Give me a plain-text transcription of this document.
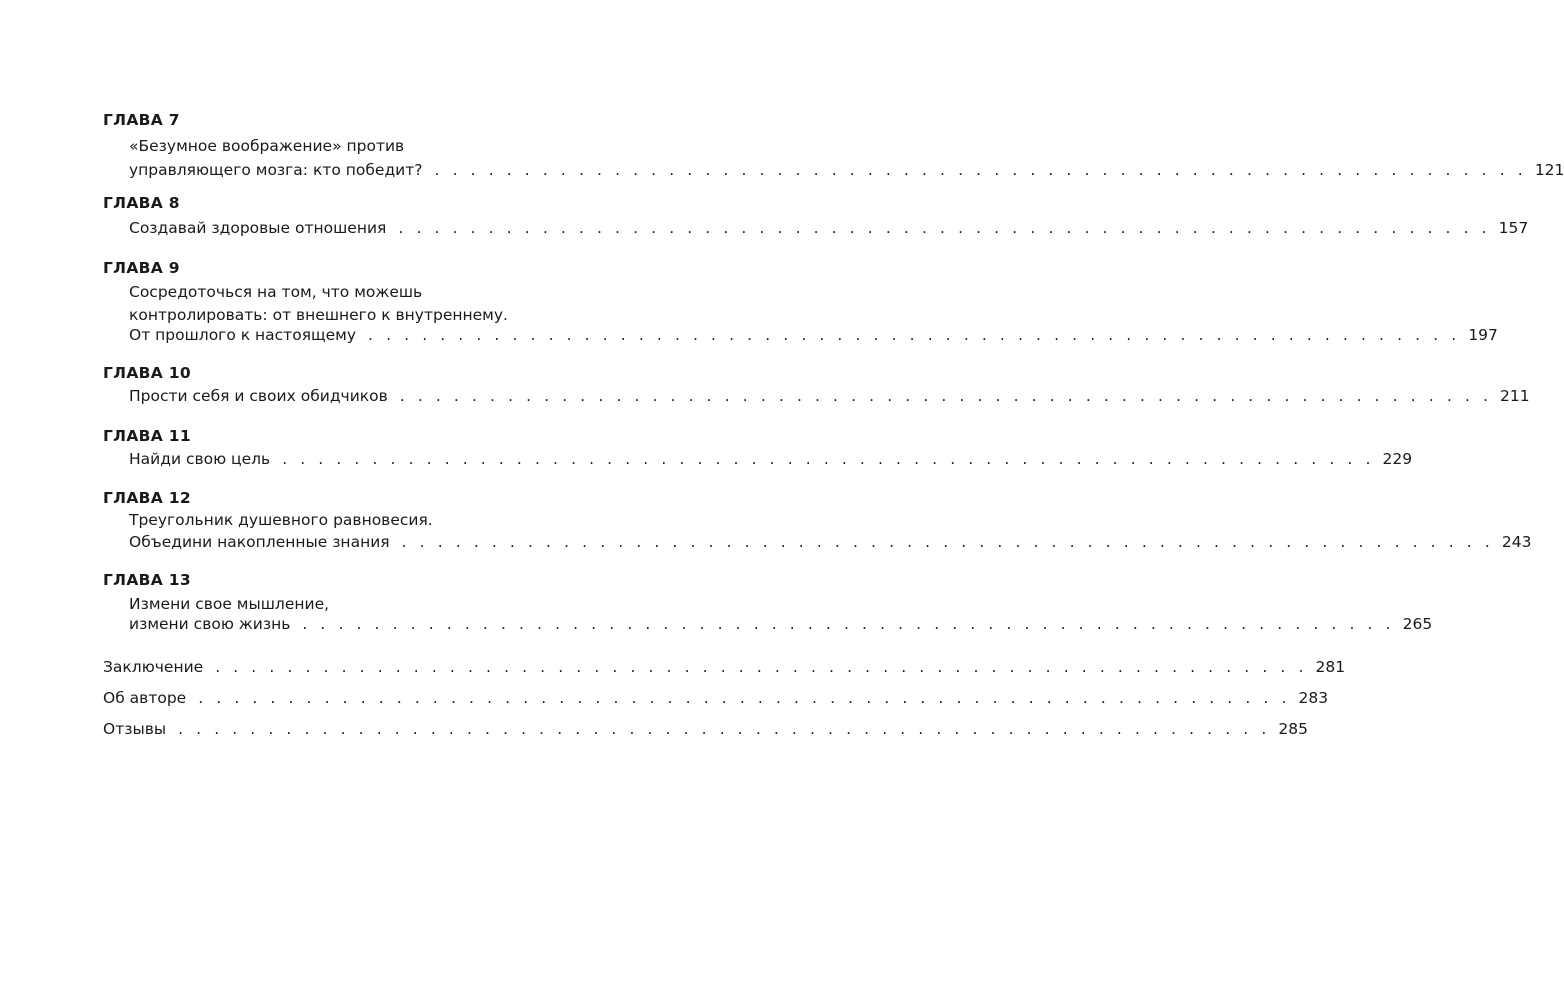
ГЛАВА 7
«Безумное воображение» против
управляющего мозга: кто победит? . . . . . . . . . . . . . . . . . . . . . . . . . . . . . . . . . . . . . . . . . . . . . . . . . . . . . . . . . . . . . 121
ГЛАВА 8
Создавай здоровые отношения . . . . . . . . . . . . . . . . . . . . . . . . . . . . . . . . . . . . . . . . . . . . . . . . . . . . . . . . . . . . . 157
ГЛАВА 9
Сосредоточься на том, что можешь
контролировать: от внешнего к внутреннему.
От прошлого к настоящему . . . . . . . . . . . . . . . . . . . . . . . . . . . . . . . . . . . . . . . . . . . . . . . . . . . . . . . . . . . . . 197
ГЛАВА 10
Прости себя и своих обидчиков . . . . . . . . . . . . . . . . . . . . . . . . . . . . . . . . . . . . . . . . . . . . . . . . . . . . . . . . . . . . . 211
ГЛАВА 11
Найди свою цель . . . . . . . . . . . . . . . . . . . . . . . . . . . . . . . . . . . . . . . . . . . . . . . . . . . . . . . . . . . . . 229
ГЛАВА 12
Треугольник душевного равновесия.
Объедини накопленные знания . . . . . . . . . . . . . . . . . . . . . . . . . . . . . . . . . . . . . . . . . . . . . . . . . . . . . . . . . . . . . 243
ГЛАВА 13
Измени свое мышление,
измени свою жизнь . . . . . . . . . . . . . . . . . . . . . . . . . . . . . . . . . . . . . . . . . . . . . . . . . . . . . . . . . . . . . 265
Заключение . . . . . . . . . . . . . . . . . . . . . . . . . . . . . . . . . . . . . . . . . . . . . . . . . . . . . . . . . . . . . 281
Об авторе . . . . . . . . . . . . . . . . . . . . . . . . . . . . . . . . . . . . . . . . . . . . . . . . . . . . . . . . . . . . . 283
Отзывы . . . . . . . . . . . . . . . . . . . . . . . . . . . . . . . . . . . . . . . . . . . . . . . . . . . . . . . . . . . . . 285
